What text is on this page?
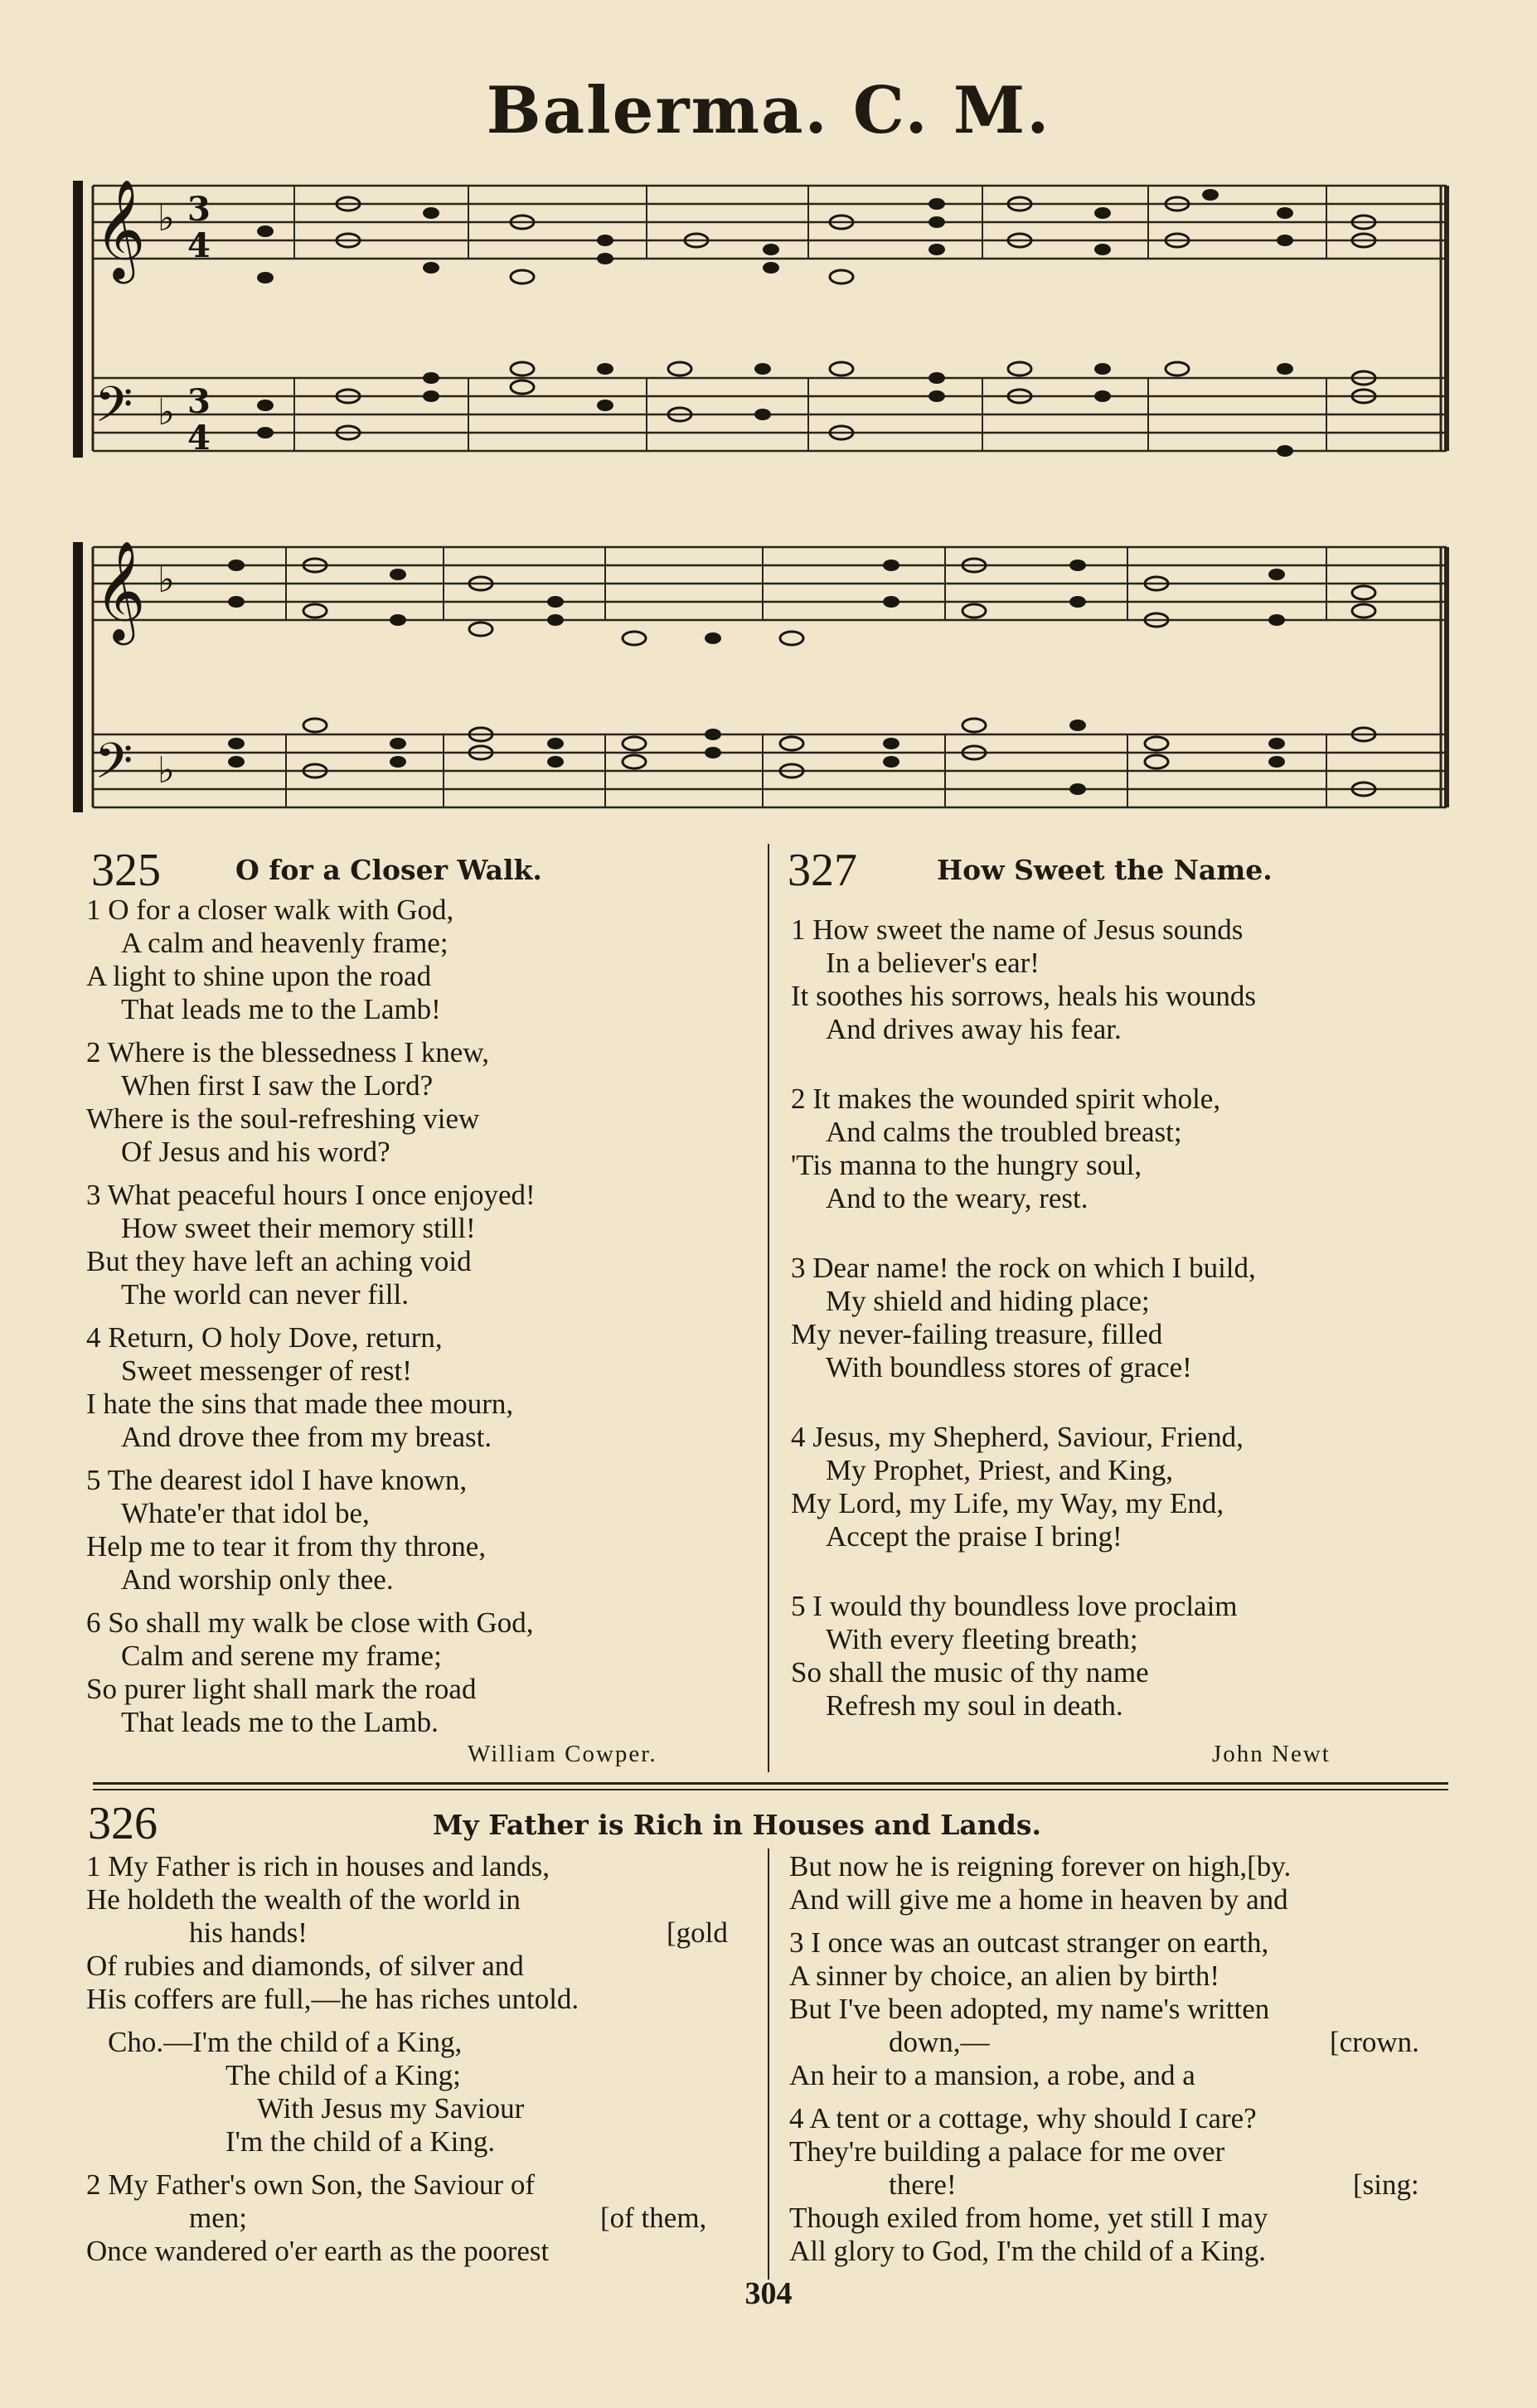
Balerma. C. M.
𝄞
𝄢
𝄞
𝄢
♭
♭
♭
♭
3
4
3
4
325	O for a Closer Walk.
1 O for a closer walk with God,
A calm and heavenly frame;
A light to shine upon the road
That leads me to the Lamb!
2 Where is the blessedness I knew,
When first I saw the Lord?
Where is the soul-refreshing view
Of Jesus and his word?
3 What peaceful hours I once enjoyed!
How sweet their memory still!
But they have left an aching void
The world can never fill.
4 Return, O holy Dove, return,
Sweet messenger of rest!
I hate the sins that made thee mourn,
And drove thee from my breast.
5 The dearest idol I have known,
Whate'er that idol be,
Help me to tear it from thy throne,
And worship only thee.
6 So shall my walk be close with God,
Calm and serene my frame;
So purer light shall mark the road
That leads me to the Lamb.
William Cowper.
327	How Sweet the Name.
1 How sweet the name of Jesus sounds
In a believer's ear!
It soothes his sorrows, heals his wounds
And drives away his fear.
2 It makes the wounded spirit whole,
And calms the troubled breast;
'Tis manna to the hungry soul,
And to the weary, rest.
3 Dear name! the rock on which I build,
My shield and hiding place;
My never-failing treasure, filled
With boundless stores of grace!
4 Jesus, my Shepherd, Saviour, Friend,
My Prophet, Priest, and King,
My Lord, my Life, my Way, my End,
Accept the praise I bring!
5 I would thy boundless love proclaim
With every fleeting breath;
So shall the music of thy name
Refresh my soul in death.
John Newt
326	My Father is Rich in Houses and Lands.
1 My Father is rich in houses and lands,
He holdeth the wealth of the world in
his hands!	[gold
Of rubies and diamonds, of silver and
His coffers are full,—he has riches untold.
Cho.—I'm the child of a King,
The child of a King;
With Jesus my Saviour
I'm the child of a King.
2 My Father's own Son, the Saviour of
men;	[of them,
Once wandered o'er earth as the poorest
But now he is reigning forever on high,[by.
And will give me a home in heaven by and
3 I once was an outcast stranger on earth,
A sinner by choice, an alien by birth!
But I've been adopted, my name's written
down,—	[crown.
An heir to a mansion, a robe, and a
4 A tent or a cottage, why should I care?
They're building a palace for me over
there!	[sing:
Though exiled from home, yet still I may
All glory to God, I'm the child of a King.
304
